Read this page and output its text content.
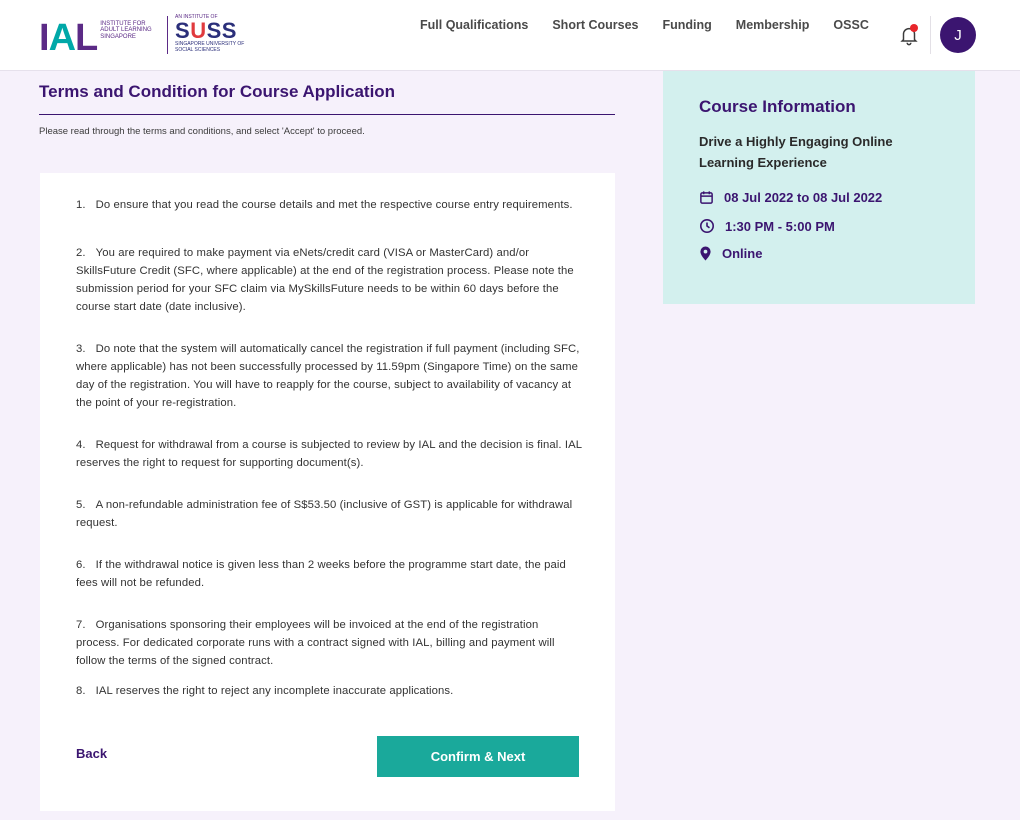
IAL INSTITUTE FOR ADULT LEARNING SINGAPORE
AN INSTITUTE OF
SUSS
SINGAPORE UNIVERSITY OF SOCIAL SCIENCES
Full Qualifications Short Courses Funding Membership OSSC
J
Terms and Condition for Course Application

Please read through the terms and conditions, and select 'Accept' to proceed.

1. Do ensure that you read the course details and met the respective course entry requirements.
2. You are required to make payment via eNets/credit card (VISA or MasterCard) and/or SkillsFuture Credit (SFC, where applicable) at the end of the registration process. Please note the submission period for your SFC claim via MySkillsFuture needs to be within 60 days before the course start date (date inclusive).
3. Do note that the system will automatically cancel the registration if full payment (including SFC, where applicable) has not been successfully processed by 11.59pm (Singapore Time) on the same day of the registration. You will have to reapply for the course, subject to availability of vacancy at the point of your re-registration.
4. Request for withdrawal from a course is subjected to review by IAL and the decision is final. IAL reserves the right to request for supporting document(s).
5. A non-refundable administration fee of S$53.50 (inclusive of GST) is applicable for withdrawal request.
6. If the withdrawal notice is given less than 2 weeks before the programme start date, the paid fees will not be refunded.
7. Organisations sponsoring their employees will be invoiced at the end of the registration process. For dedicated corporate runs with a contract signed with IAL, billing and payment will follow the terms of the signed contract.
8. IAL reserves the right to reject any incomplete inaccurate applications.
Back	Confirm & Next
Course Information
Drive a Highly Engaging Online Learning Experience
08 Jul 2022 to 08 Jul 2022
1:30 PM - 5:00 PM
Online
